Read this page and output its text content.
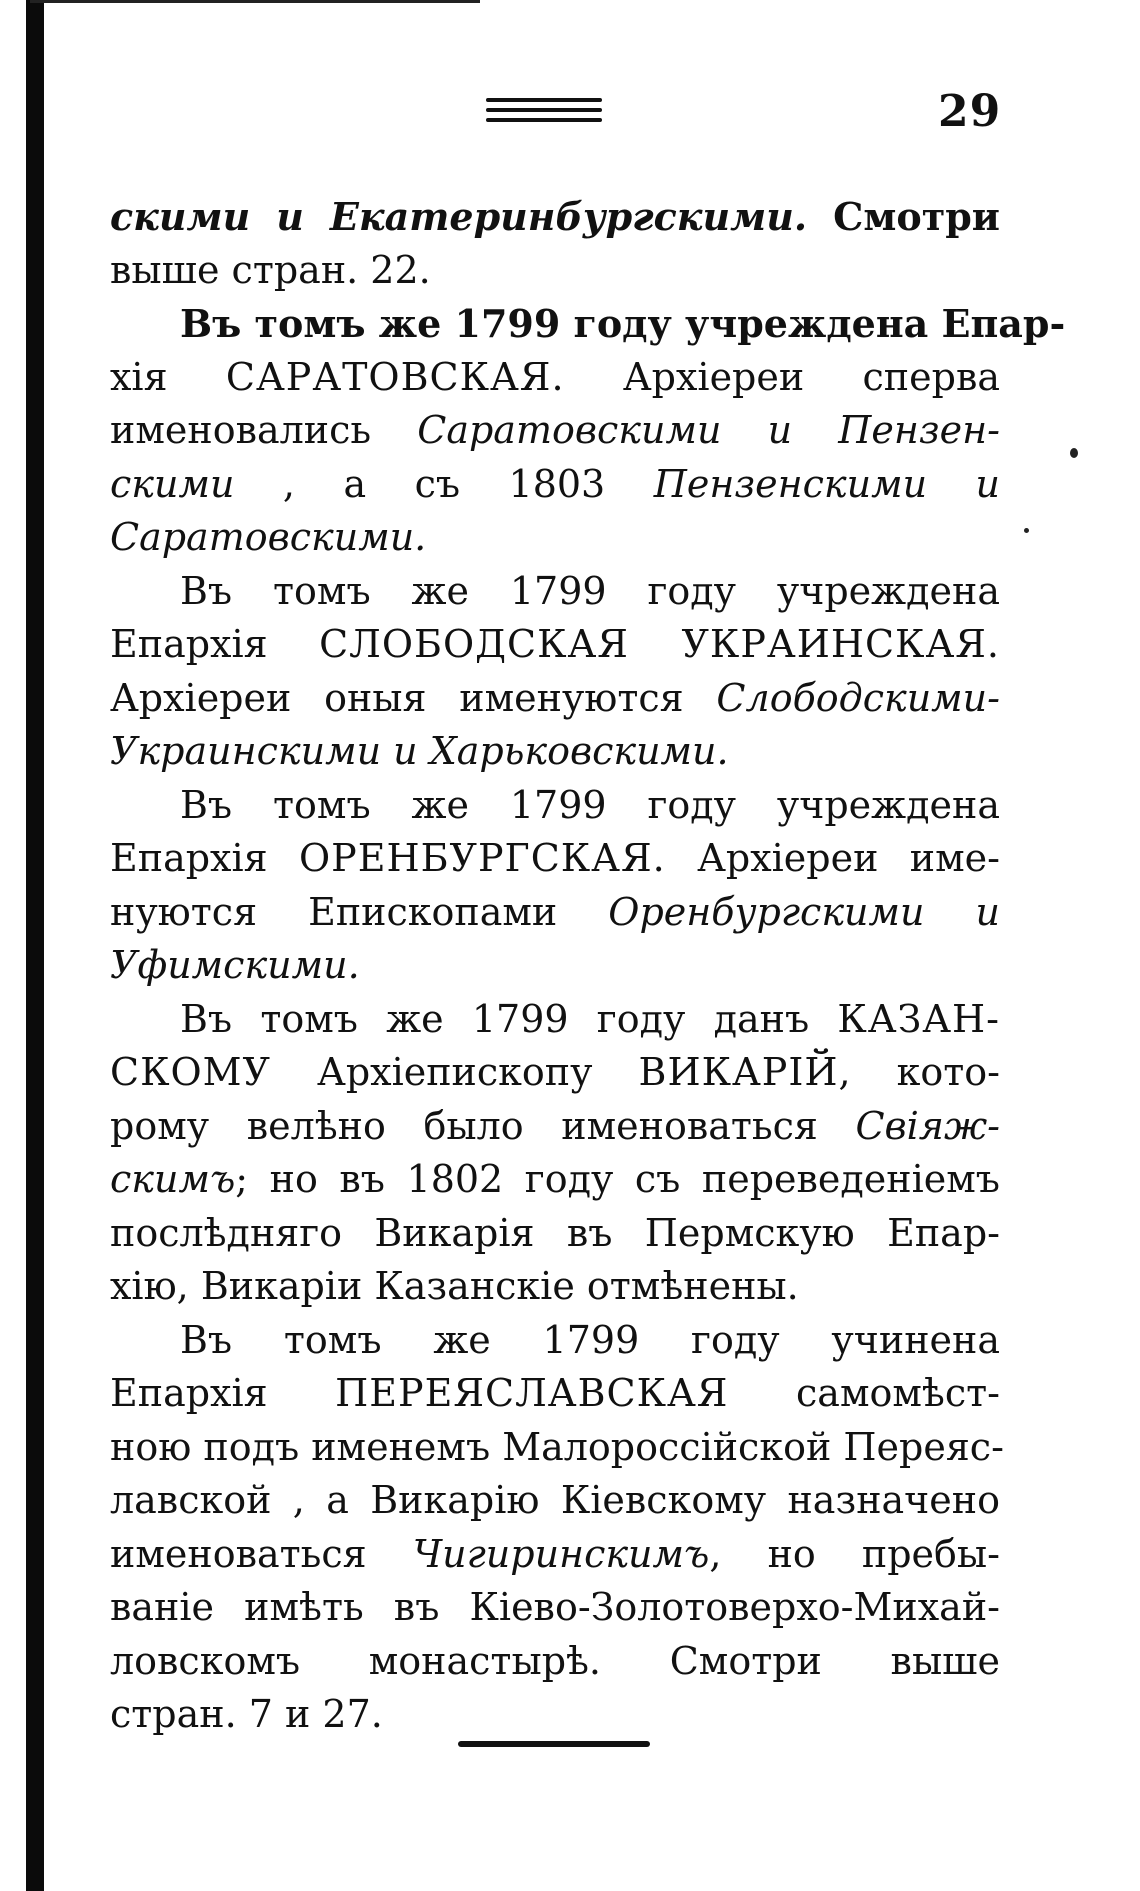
29
скими и Екатеринбургскими. Смотри
выше стран. 22.
Въ томъ же 1799 году учреждена Епар-
хія САРАТОВСКАЯ. Архіереи сперва
именовались Саратовскими и Пензен-
скими , а съ 1803 Пензенскими и
Саратовскими.
Въ томъ же 1799 году учреждена
Епархія СЛОБОДСКАЯ УКРАИНСКАЯ.
Архіереи оныя именуются Слободскими-
Украинскими и Харьковскими.
Въ томъ же 1799 году учреждена
Епархія ОРЕНБУРГСКАЯ. Архіереи име-
нуются Епископами Оренбургскими и
Уфимскими.
Въ томъ же 1799 году данъ КАЗАН-
СКОМУ Архіепископу ВИКАРІЙ, кото-
рому велѣно было именоваться Свіяж-
скимъ; но въ 1802 году съ переведеніемъ
послѣдняго Викарія въ Пермскую Епар-
хію, Викаріи Казанскіе отмѣнены.
Въ томъ же 1799 году учинена
Епархія ПЕРЕЯСЛАВСКАЯ самомѣст-
ною подъ именемъ Малороссійской Переяс-
лавской , а Викарію Кіевскому назначено
именоваться Чигиринскимъ, но пребы-
ваніе имѣть въ Кіево-Золотоверхо-Михай-
ловскомъ монастырѣ. Смотри выше
стран. 7 и 27.
